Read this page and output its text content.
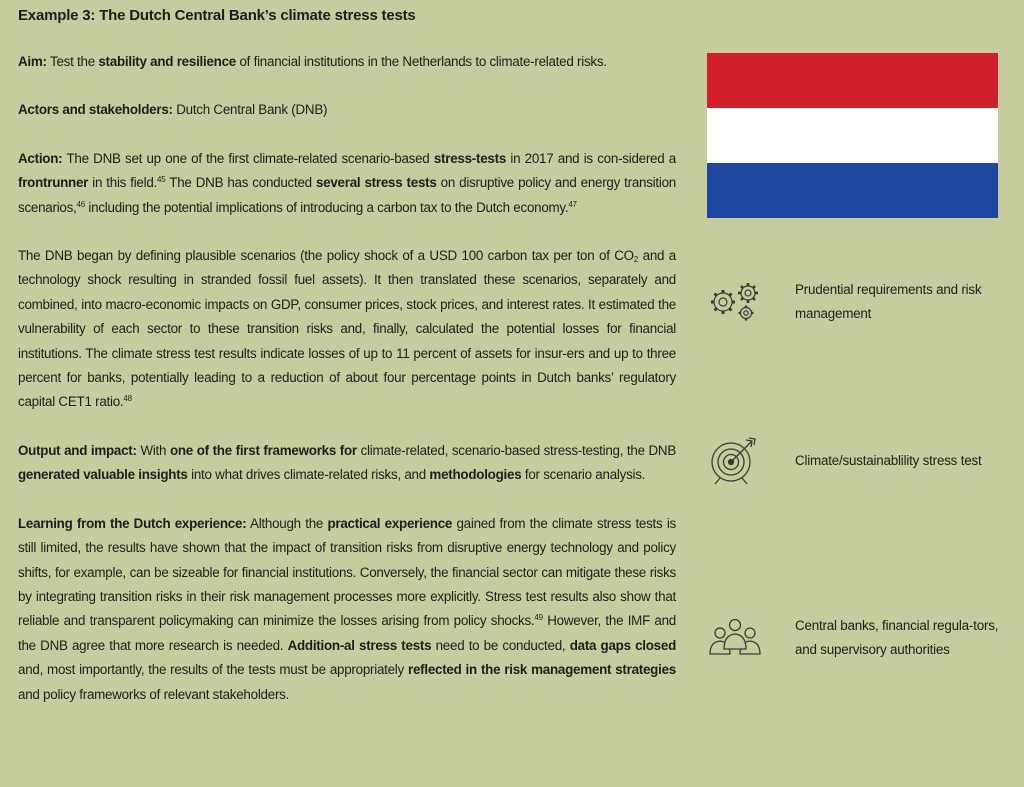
Example 3: The Dutch Central Bank’s climate stress tests

Aim: Test the stability and resilience of financial institutions in the Netherlands to climate-related risks.

Actors and stakeholders: Dutch Central Bank (DNB)

Action: The DNB set up one of the first climate-related scenario-based stress-tests in 2017 and is con-sidered a frontrunner in this field.$^{45}$ The DNB has conducted several stress tests on disruptive policy and energy transition scenarios,$^{46}$ including the potential implications of introducing a carbon tax to the Dutch economy.$^{47}$

The DNB began by defining plausible scenarios (the policy shock of a USD 100 carbon tax per ton of $CO_2$ and a technology shock resulting in stranded fossil fuel assets). It then translated these scenarios, separately and combined, into macro-economic impacts on GDP, consumer prices, stock prices, and interest rates. It estimated the vulnerability of each sector to these transition risks and, finally, calculated the potential losses for financial institutions. The climate stress test results indicate losses of up to 11 percent of assets for insur-ers and up to three percent for banks, potentially leading to a reduction of about four percentage points in Dutch banks’ regulatory capital CET1 ratio.$^{48}$

Output and impact: With one of the first frameworks for climate-related, scenario-based stress-testing, the DNB generated valuable insights into what drives climate-related risks, and methodologies for scenario analysis.

Learning from the Dutch experience: Although the practical experience gained from the climate stress tests is still limited, the results have shown that the impact of transition risks from disruptive energy technology and policy shifts, for example, can be sizeable for financial institutions. Conversely, the financial sector can mitigate these risks by integrating transition risks in their risk management processes more explicitly. Stress test results also show that reliable and transparent policymaking can minimize the losses arising from policy shocks.$^{49}$ However, the IMF and the DNB agree that more research is needed. Addition-al stress tests need to be conducted, data gaps closed and, most importantly, the results of the tests must be appropriately reflected in the risk management strategies and policy frameworks of relevant stakeholders.

Prudential requirements and risk management
Climate/sustainablility stress test
Central banks, financial regula-tors, and supervisory authorities
